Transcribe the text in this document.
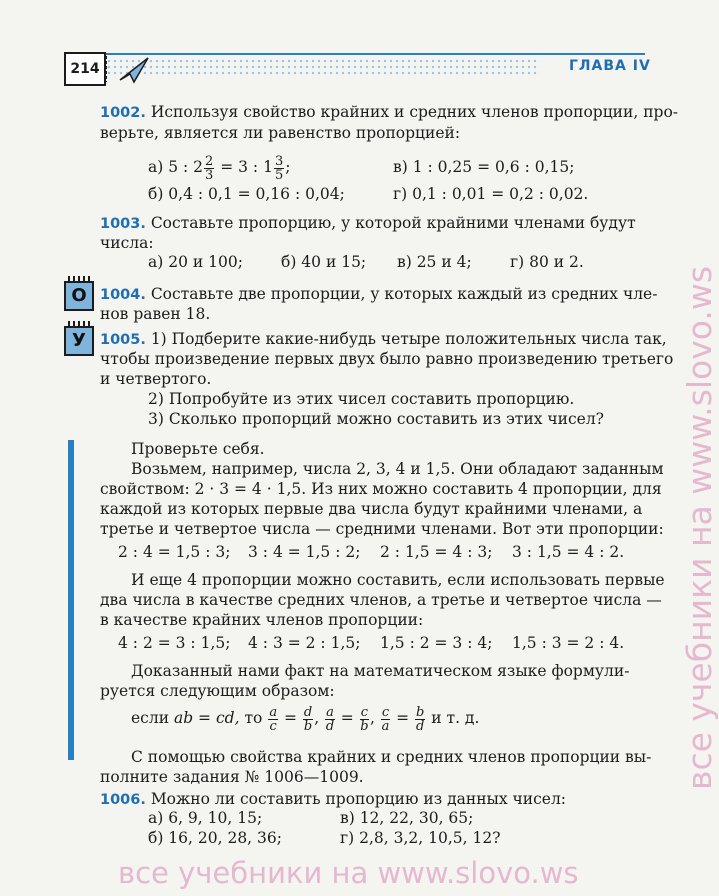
214	ГЛАВА IV
1002. Используя свойство крайних и средних членов пропорции, про-
верьте, является ли равенство пропорцией:
а) 5 : $2 \frac{2}{3} = 3$ : $1 \frac{3}{5}$ ;	в) 1 : 0,25 = 0,6 : 0,15;
б) 0,4 : 0,1 = 0,16 : 0,04;	г) 0,1 : 0,01 = 0,2 : 0,02.
1003. Составьте пропорцию, у которой крайними членами будут
числа:
а) 20 и 100; б) 40 и 15; в) 25 и 4; г) 80 и 2.
О 1004. Составьте две пропорции, у которых каждый из средних чле-
нов равен 18.
У 1005. 1) Подберите какие-нибудь четыре положительных числа так,
чтобы произведение первых двух было равно произведению третьего
и четвертого.
2) Попробуйте из этих чисел составить пропорцию.
3) Сколько пропорций можно составить из этих чисел?
Проверьте себя.
Возьмем, например, числа 2, 3, 4 и 1,5. Они обладают заданным
свойством: 2 · 3 = 4 · 1,5. Из них можно составить 4 пропорции, для
каждой из которых первые два числа будут крайними членами, а
третье и четвертое числа — средними членами. Вот эти пропорции:
2 : 4 = 1,5 : 3; 3 : 4 = 1,5 : 2; 2 : 1,5 = 4 : 3; 3 : 1,5 = 4 : 2.
И еще 4 пропорции можно составить, если использовать первые
два числа в качестве средних членов, а третье и четвертое числа —
в качестве крайних членов пропорции:
4 : 2 = 3 : 1,5; 4 : 3 = 2 : 1,5; 1,5 : 2 = 3 : 4; 1,5 : 3 = 2 : 4.
Доказанный нами факт на математическом языке формули-
руется следующим образом:
если ab = cd, то $\frac{a}{c} = \frac{d}{b}$ , $\frac{a}{d} = \frac{c}{b}$ , $\frac{c}{a} = \frac{b}{d}$ и т. д.
С помощью свойства крайних и средних членов пропорции вы-
полните задания № 1006—1009.
1006. Можно ли составить пропорцию из данных чисел:
а) 6, 9, 10, 15;	в) 12, 22, 30, 65;
б) 16, 20, 28, 36;	г) 2,8, 3,2, 10,5, 12?
все учебники на www.slovo.ws
все учебники на www.slovo.ws
